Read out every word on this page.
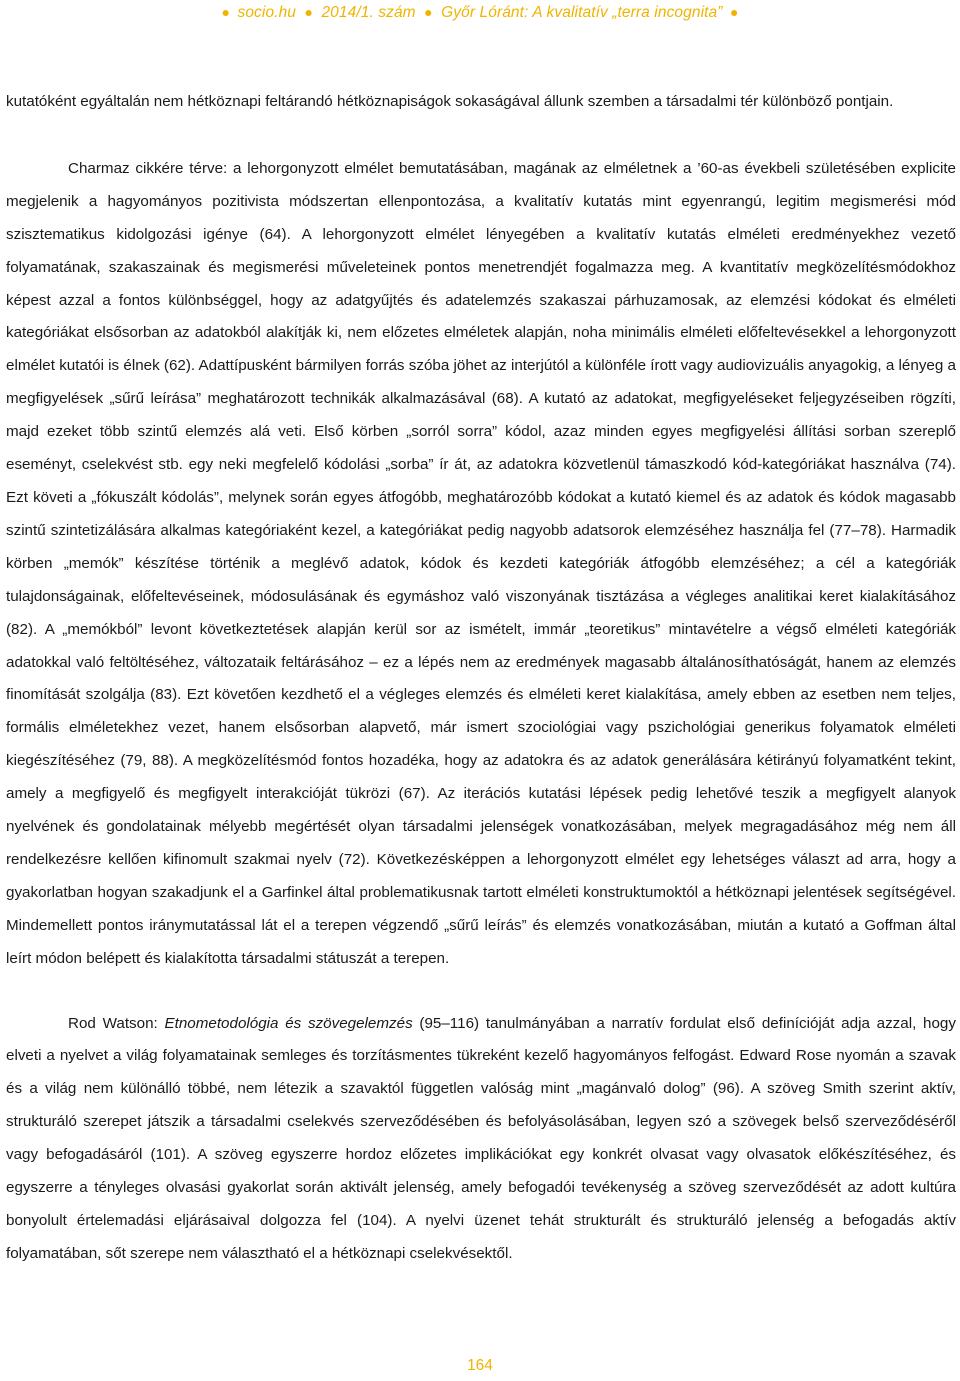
● socio.hu ● 2014/1. szám ● Győr Lóránt: A kvalitatív „terra incognita” ●

kutatóként egyáltalán nem hétköznapi feltárandó hétköznapiságok sokaságával állunk szemben a társadalmi tér különböző pontjain.

Charmaz cikkére térve: a lehorgonyzott elmélet bemutatásában, magának az elméletnek a ’60-as évekbeli születésében explicite megjelenik a hagyományos pozitivista módszertan ellenpontozása, a kvalitatív kutatás mint egyenrangú, legitim megismerési mód szisztematikus kidolgozási igénye (64). A lehorgonyzott elmélet lényegében a kvalitatív kutatás elméleti eredményekhez vezető folyamatának, szakaszainak és megismerési műveleteinek pontos menetrendjét fogalmazza meg. A kvantitatív megközelítésmódokhoz képest azzal a fontos különbséggel, hogy az adatgyűjtés és adatelemzés szakaszai párhuzamosak, az elemzési kódokat és elméleti kategóriákat elsősorban az adatokból alakítják ki, nem előzetes elméletek alapján, noha minimális elméleti előfeltevésekkel a lehorgonyzott elmélet kutatói is élnek (62). Adattípusként bármilyen forrás szóba jöhet az interjútól a különféle írott vagy audiovizuális anyagokig, a lényeg a megfigyelések „sűrű leírása” meghatározott technikák alkalmazásával (68). A kutató az adatokat, megfigyeléseket feljegyzéseiben rögzíti, majd ezeket több szintű elemzés alá veti. Első körben „sorról sorra” kódol, azaz minden egyes megfigyelési állítási sorban szereplő eseményt, cselekvést stb. egy neki megfelelő kódolási „sorba” ír át, az adatokra közvetlenül támaszkodó kód-kategóriákat használva (74). Ezt követi a „fókuszált kódolás”, melynek során egyes átfogóbb, meghatározóbb kódokat a kutató kiemel és az adatok és kódok magasabb szintű szintetizálására alkalmas kategóriaként kezel, a kategóriákat pedig nagyobb adatsorok elemzéséhez használja fel (77–78). Harmadik körben „memók” készítése történik a meglévő adatok, kódok és kezdeti kategóriák átfogóbb elemzéséhez; a cél a kategóriák tulajdonságainak, előfeltevéseinek, módosulásának és egymáshoz való viszonyának tisztázása a végleges analitikai keret kialakításához (82). A „memókból” levont következtetések alapján kerül sor az ismételt, immár „teoretikus” mintavételre a végső elméleti kategóriák adatokkal való feltöltéséhez, változataik feltárásához – ez a lépés nem az eredmények magasabb általánosíthatóságát, hanem az elemzés finomítását szolgálja (83). Ezt követően kezdhető el a végleges elemzés és elméleti keret kialakítása, amely ebben az esetben nem teljes, formális elméletekhez vezet, hanem elsősorban alapvető, már ismert szociológiai vagy pszichológiai generikus folyamatok elméleti kiegészítéséhez (79, 88). A megközelítésmód fontos hozadéka, hogy az adatokra és az adatok generálására kétirányú folyamatként tekint, amely a megfigyelő és megfigyelt interakcióját tükrözi (67). Az iterációs kutatási lépések pedig lehetővé teszik a megfigyelt alanyok nyelvének és gondolatainak mélyebb megértését olyan társadalmi jelenségek vonatkozásában, melyek megragadásához még nem áll rendelkezésre kellően kifinomult szakmai nyelv (72). Következésképpen a lehorgonyzott elmélet egy lehetséges választ ad arra, hogy a gyakorlatban hogyan szakadjunk el a Garfinkel által problematikusnak tartott elméleti konstruktumoktól a hétköznapi jelentések segítségével. Mindemellett pontos iránymutatással lát el a terepen végzendő „sűrű leírás” és elemzés vonatkozásában, miután a kutató a Goffman által leírt módon belépett és kialakította társadalmi státuszát a terepen.

Rod Watson: Etnometodológia és szövegelemzés (95–116) tanulmányában a narratív fordulat első definícióját adja azzal, hogy elveti a nyelvet a világ folyamatainak semleges és torzításmentes tükreként kezelő hagyományos felfogást. Edward Rose nyomán a szavak és a világ nem különálló többé, nem létezik a szavaktól független valóság mint „magánvaló dolog” (96). A szöveg Smith szerint aktív, strukturáló szerepet játszik a társadalmi cselekvés szerveződésében és befolyásolásában, legyen szó a szövegek belső szerveződéséről vagy befogadásáról (101). A szöveg egyszerre hordoz előzetes implikációkat egy konkrét olvasat vagy olvasatok előkészítéséhez, és egyszerre a tényleges olvasási gyakorlat során aktivált jelenség, amely befogadói tevékenység a szöveg szerveződését az adott kultúra bonyolult értelemadási eljárásaival dolgozza fel (104). A nyelvi üzenet tehát strukturált és strukturáló jelenség a befogadás aktív folyamatában, sőt szerepe nem választható el a hétköznapi cselekvésektől.

164
